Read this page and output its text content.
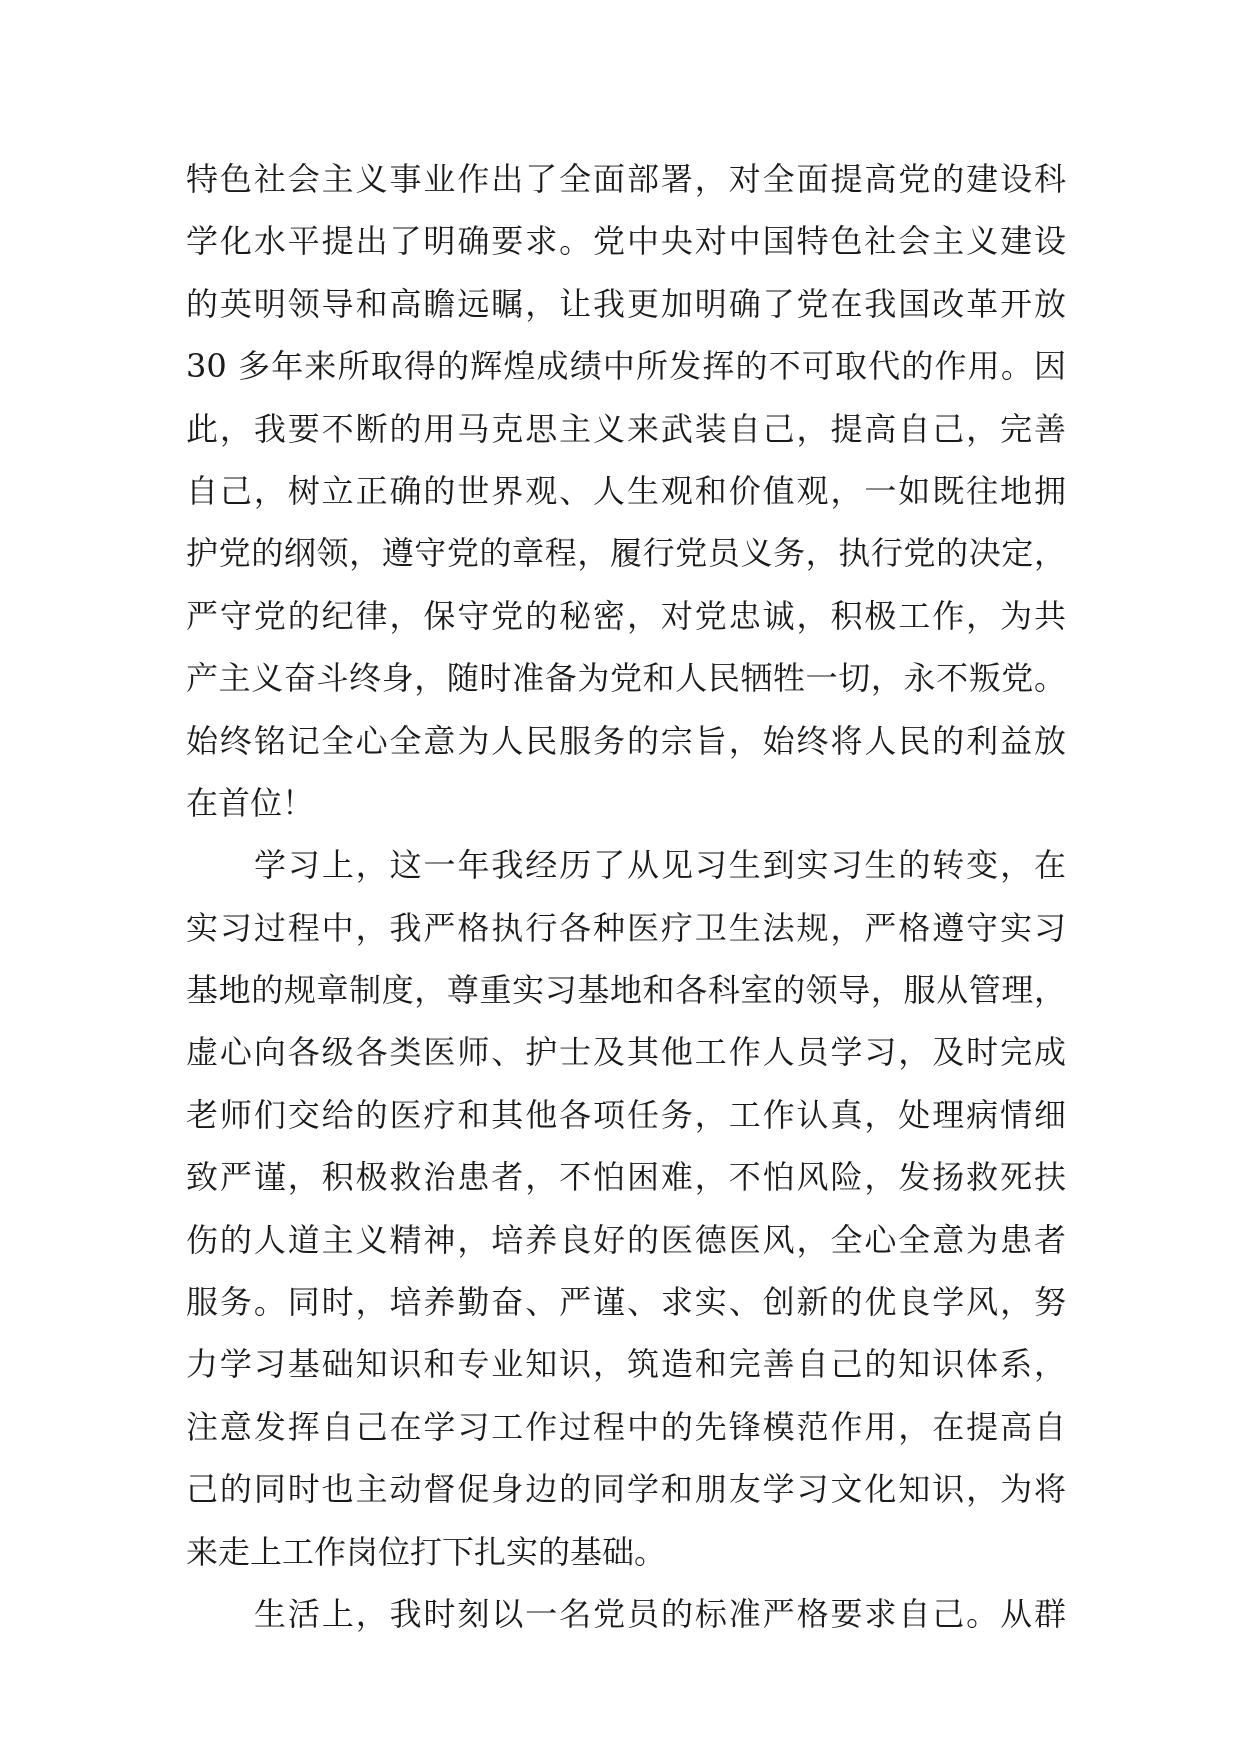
特色社会主义事业作出了全面部署，对全面提高党的建设科
学化水平提出了明确要求。党中央对中国特色社会主义建设
的英明领导和高瞻远瞩，让我更加明确了党在我国改革开放
30 多年来所取得的辉煌成绩中所发挥的不可取代的作用。因
此，我要不断的用马克思主义来武装自己，提高自己，完善
自己，树立正确的世界观、人生观和价值观，一如既往地拥
护党的纲领，遵守党的章程，履行党员义务，执行党的决定，
严守党的纪律，保守党的秘密，对党忠诚，积极工作，为共
产主义奋斗终身，随时准备为党和人民牺牲一切，永不叛党。
始终铭记全心全意为人民服务的宗旨，始终将人民的利益放
在首位！
学习上，这一年我经历了从见习生到实习生的转变，在
实习过程中，我严格执行各种医疗卫生法规，严格遵守实习
基地的规章制度，尊重实习基地和各科室的领导，服从管理，
虚心向各级各类医师、护士及其他工作人员学习，及时完成
老师们交给的医疗和其他各项任务，工作认真，处理病情细
致严谨，积极救治患者，不怕困难，不怕风险，发扬救死扶
伤的人道主义精神，培养良好的医德医风，全心全意为患者
服务。同时，培养勤奋、严谨、求实、创新的优良学风，努
力学习基础知识和专业知识，筑造和完善自己的知识体系，
注意发挥自己在学习工作过程中的先锋模范作用，在提高自
己的同时也主动督促身边的同学和朋友学习文化知识，为将
来走上工作岗位打下扎实的基础。
生活上，我时刻以一名党员的标准严格要求自己。从群
